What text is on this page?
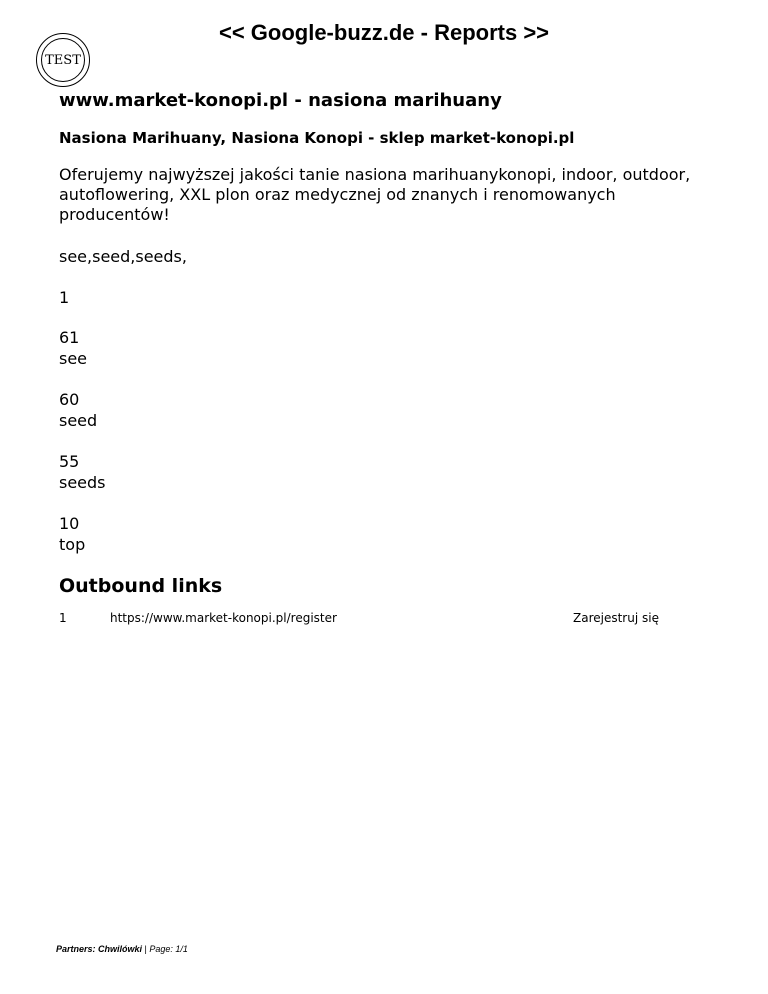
<< Google-buzz.de - Reports >>
TEST
www.market-konopi.pl - nasiona marihuany
Nasiona Marihuany, Nasiona Konopi - sklep market-konopi.pl

Oferujemy najwyższej jakości tanie nasiona marihuanykonopi, indoor, outdoor, autoflowering, XXL plon oraz medycznej od znanych i renomowanych producentów!

see,seed,seeds,

1

61
see
60
seed
55
seeds
10
top
Outbound links
1	https://www.market-konopi.pl/register	Zarejestruj się
Partners: Chwilówki | Page: 1/1
